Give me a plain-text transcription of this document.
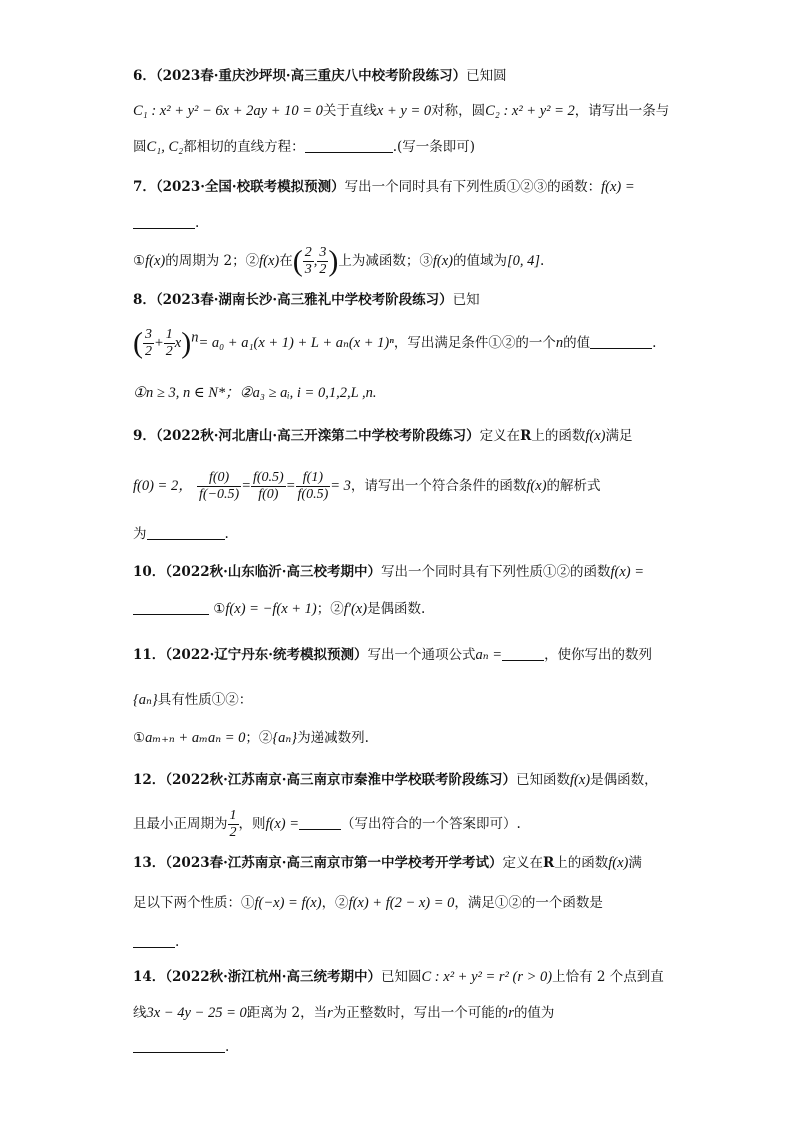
6．（2023春·重庆沙坪坝·高三重庆八中校考阶段练习）已知圆
C₁ : x² + y² − 6x + 2ay + 10 = 0关于直线x + y = 0对称，圆C₂ : x² + y² = 2，请写出一条与
圆C₁, C₂都相切的直线方程：	.(写一条即可)
7．（2023·全国·校联考模拟预测）写出一个同时具有下列性质①②③的函数：f(x) =
.
①f(x)的周期为 2；②f(x)在( $\frac{2}{3}$ , $\frac{3}{2}$ )上为减函数；③f(x)的值域为[0, 4].
8．（2023春·湖南长沙·高三雅礼中学校考阶段练习）已知
( $\frac{3}{2} + \frac{1}{2} x)^n= a_0 + a_1(x + 1) + L + a_n(x + 1)^n$，写出满足条件①②的一个n的值	.
①n ≥ 3, n ∈ N*；②a₃ ≥ aᵢ, i = 0,1,2,L ,n.
9．（2022秋·河北唐山·高三开滦第二中学校考阶段练习）定义在R上的函数f(x)满足
f(0) = 2， $\frac{f(0)}{f(-0.5)} = \frac{f(0.5)}{f(0)} = \frac{f(1)}{f(0.5)} = 3$，请写出一个符合条件的函数f(x)的解析式
为	.
10．（2022秋·山东临沂·高三校考期中）写出一个同时具有下列性质①②的函数f(x) =
①f(x) = −f(x + 1)；②f′(x)是偶函数.
11．（2022·辽宁丹东·统考模拟预测）写出一个通项公式aₙ =	，使你写出的数列
{aₙ}具有性质①②：
①aₘ₊ₙ + aₘaₙ = 0；②{aₙ}为递减数列.
12．（2022秋·江苏南京·高三南京市秦淮中学校联考阶段练习）已知函数f(x)是偶函数，
且最小正周期为 $\frac{1}{2}$ ，则f(x) =	（写出符合的一个答案即可）.
13．（2023春·江苏南京·高三南京市第一中学校考开学考试）定义在R上的函数f(x)满
足以下两个性质：①f(−x) = f(x)，②f(x) + f(2 − x) = 0，满足①②的一个函数是
.
14．（2022秋·浙江杭州·高三统考期中）已知圆C : x² + y² = r² (r > 0)上恰有 2 个点到直
线3x − 4y − 25 = 0距离为 2，当r为正整数时，写出一个可能的r的值为
.
